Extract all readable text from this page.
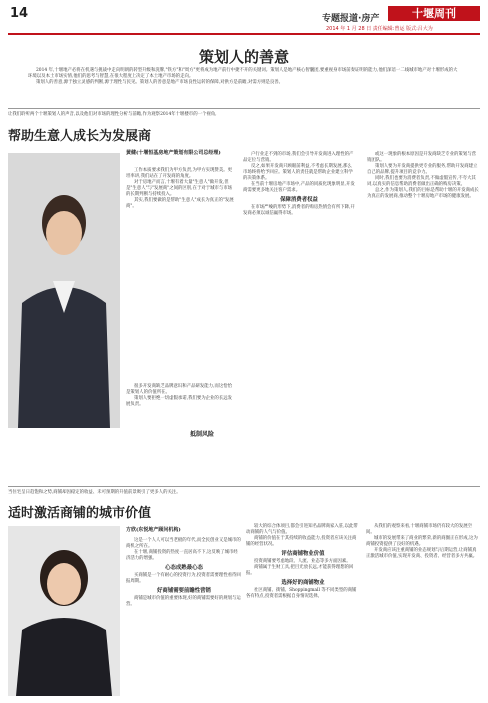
14	专题报道·房产	十堰周刊
2014 年 1 月 28 日 责任编辑:曾运 版式:吕大为
策划人的善意
2014 年,十堰地产必将在机遇与挑战中走向明朗的转型升级和洗牌,"铁方"和"周方"更将成为地产前行中捷不开的关键词。策划人是地产核心智囊团,要重视身市场前奏证明的能力,他们深谙一二线城市地产对十堰形成的大环境以及本土市场实情,他们的思考与智慧,在很大程度上决定了本土地产市场的走向。
策划人的善意,源于独立灵感的判断,源于理性与民见。策划人的善意是地产市场良性运转的保障,对供方是前瞻,对需方则是良善。
让我们聆听两个十堰策划人的声音,以及他们对市场的理性分析与前瞻,作为观察2014年十堰楼市的一个视角,
帮助生意人成长为发展商
黄健(十堰恒基房地产策划有限公司总经理)

工作本质要求我们为甲方负责,为甲方实现赞美。更坦率讲,我们站在了开发商的角度。

对于房地产而言,十堰有着大量"生意人"做开发,但是"生意人"与"发展商"之间的区别,在于对于城市与市场的长期判断与持续投入。

其实,我们要做的是帮助"生意人"成长为真正的"发展商"。

很多开发商缺乏品牌意识和产品研发能力,而这恰恰是策划人的价值所在。

策划人要拒绝一切虚假承诺,我们要为企业的长远发展负责。

抵制风险

户行业走不到的市场,我们会引导开发商进入理性的产品定位与营销。

反之,如果开发商只顾眼前利益,不考虑长期发展,那么市场终将给予回应。策划人的责任就是帮助企业建立科学的决策体系。

在当前十堰房地产市场中,产品的同质化现象明显,开发商需要更多地关注客户需求。

保障消费者权益

在市场严峻的形势下,消费者的购房热情会有所下降,开发商必须以诚信赢得市场。

或这一现象的根本原因是开发商缺乏专业的策划与营销团队。

策划人要为开发商提供更专业的服务,帮助开发商建立自己的品牌,提升项目的竞争力。

同时,我们也要为消费者负责,不做虚假宣传,不夸大其词,以真实的信息帮助消费者做出正确的购房决策。

总之,作为策划人,我们的目标是帮助十堰的开发商成长为真正的发展商,推动整个十堰房地产市场的健康发展。

当住宅呈日趋饱和之势,商铺却因稳定的收益、未可预期的升值前景吸引了更多人的关注。
适时激活商铺的城市价值
方欣(东悦地产顾问机构)

这是一个人人可以当老板的年代,而全民创业又是城市的商机之所在。

在十堰,商铺投资的热度一直居高不下,这反映了城市经济活力的增强。

心态成熟最心态

买商铺是一个有耐心的投资行为,投资者需要理性看待回报周期。

好商铺需要前瞻性营销

商铺是城市价值的重要体现,好的商铺需要好的规划与运营。

较大的综合体项目,都会引进知名品牌商家入驻,以此带动商铺的人气与价值。

商铺的价值在于其持续的收益能力,投资者应该关注商铺的经营状况。

评估商铺物业价值

投资商铺要考虑地段、人流、业态等多方面因素。

商铺属于生财工具,把目光放长远,才能获得理想的回报。

选择好的商铺物业

社区商铺、街铺、Shoppingmall 等不同类型的商铺各有特点,投资者需根据自身情况选择。

从我们的观察来看,十堰商铺市场仍有较大的发展空间。

城市的发展带来了商业的繁荣,新的商圈正在形成,这为商铺投资提供了良好的机遇。

开发商应该注重商铺的业态规划与后期运营,让商铺真正激活城市价值,实现开发商、投资者、经营者多方共赢。
